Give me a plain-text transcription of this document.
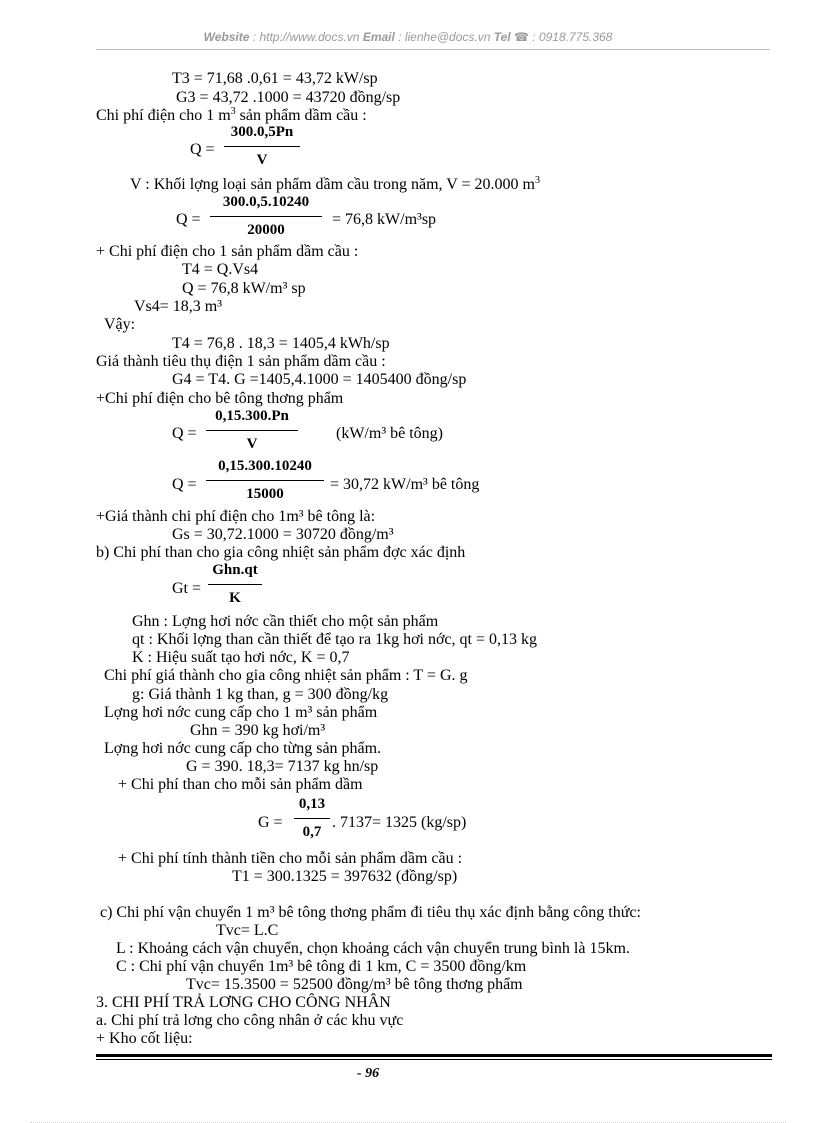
Website : http://www.docs.vn Email : lienhe@docs.vn Tel ☎ : 0918.775.368
T3 = 71,68 .0,61 = 43,72 kW/sp
G3 = 43,72 .1000 = 43720 đồng/sp
Chi phí điện cho 1 $m^3$ sản phẩm dầm cầu :
Q =
300.0,5Pn
V
V : Khối lợng loại sản phẩm dầm cầu trong năm, V = 20.000 $m^3$
Q =
300.0,5.10240
20000
= 76,8 kW/m³sp
+ Chi phí điện cho 1 sản phẩm dầm cầu :
T4 = Q.Vs4
Q = 76,8 kW/m³ sp
Vs4= 18,3 m³
Vậy:
T4 = 76,8 . 18,3 = 1405,4 kWh/sp
Giá thành tiêu thụ điện 1 sản phẩm dầm cầu :
G4 = T4. G =1405,4.1000 = 1405400 đồng/sp
+Chi phí điện cho bê tông thơng phẩm
Q =
0,15.300.Pn
V
(kW/m³ bê tông)
Q =
0,15.300.10240
15000
= 30,72 kW/m³ bê tông
+Giá thành chi phí điện cho 1m³ bê tông là:
Gs = 30,72.1000 = 30720 đồng/m³
b) Chi phí than cho gia công nhiệt sản phẩm đợc xác định
Gt =
Ghn.qt
K
Ghn : Lợng hơi nớc cần thiết cho một sản phẩm
qt : Khối lợng than cần thiết để tạo ra 1kg hơi nớc, qt = 0,13 kg
K : Hiệu suất tạo hơi nớc, K = 0,7
Chi phí giá thành cho gia công nhiệt sản phẩm : T = G. g
g: Giá thành 1 kg than, g = 300 đồng/kg
Lợng hơi nớc cung cấp cho 1 m³ sản phẩm
Ghn = 390 kg hơi/m³
Lợng hơi nớc cung cấp cho từng sản phẩm.
G = 390. 18,3= 7137 kg hn/sp
+ Chi phí than cho mỗi sản phẩm dầm
G =
0,13
0,7
. 7137= 1325 (kg/sp)
+ Chi phí tính thành tiền cho mỗi sản phẩm dầm cầu :
T1 = 300.1325 = 397632 (đồng/sp)
c) Chi phí vận chuyển 1 m³ bê tông thơng phẩm đi tiêu thụ xác định bằng công thức:
Tvc= L.C
L : Khoảng cách vận chuyển, chọn khoảng cách vận chuyển trung bình là 15km.
C : Chi phí vận chuyển 1m³ bê tông đi 1 km, C = 3500 đồng/km
Tvc= 15.3500 = 52500 đồng/m³ bê tông thơng phẩm
3. CHI PHÍ TRẢ LƠNG CHO CÔNG NHÂN
a. Chi phí trả lơng cho công nhân ở các khu vực
+ Kho cốt liệu:
- 96
